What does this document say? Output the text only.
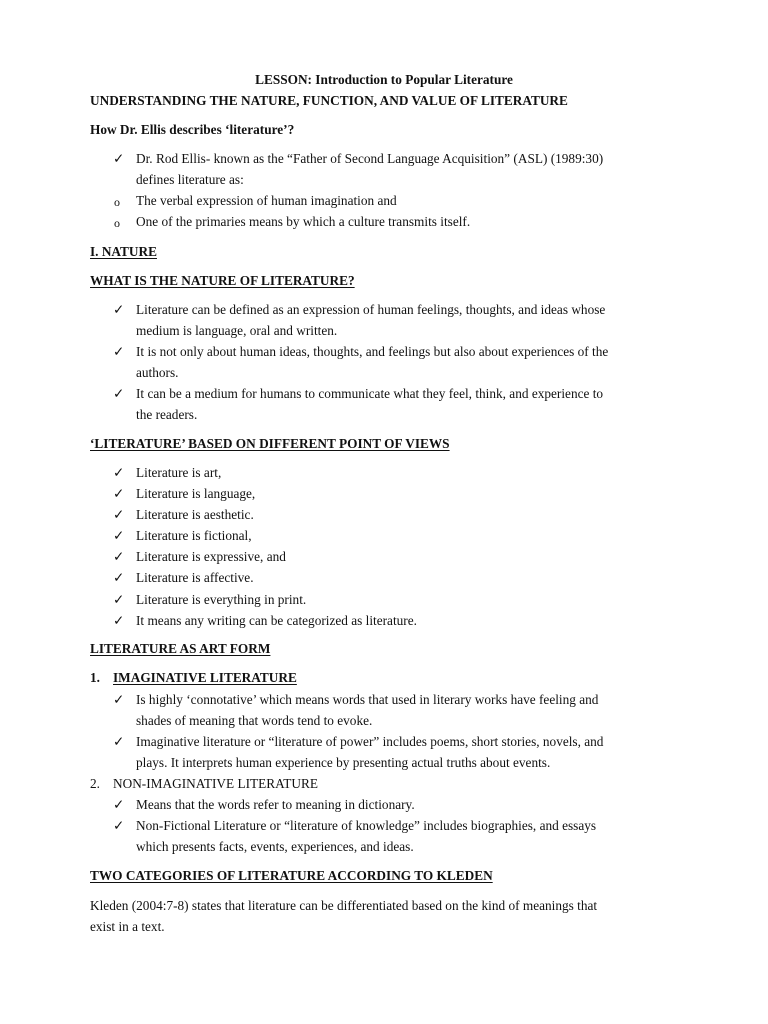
LESSON: Introduction to Popular Literature
UNDERSTANDING THE NATURE, FUNCTION, AND VALUE OF LITERATURE
How Dr. Ellis describes ‘literature’?
✓ Dr. Rod Ellis- known as the “Father of Second Language Acquisition” (ASL) (1989:30)
defines literature as:
o The verbal expression of human imagination and
o One of the primaries means by which a culture transmits itself.
I. NATURE
WHAT IS THE NATURE OF LITERATURE?
✓ Literature can be defined as an expression of human feelings, thoughts, and ideas whose
medium is language, oral and written.
✓ It is not only about human ideas, thoughts, and feelings but also about experiences of the
authors.
✓ It can be a medium for humans to communicate what they feel, think, and experience to
the readers.
‘LITERATURE’ BASED ON DIFFERENT POINT OF VIEWS
✓ Literature is art,
✓ Literature is language,
✓ Literature is aesthetic.
✓ Literature is fictional,
✓ Literature is expressive, and
✓ Literature is affective.
✓ Literature is everything in print.
✓ It means any writing can be categorized as literature.
LITERATURE AS ART FORM
1. IMAGINATIVE LITERATURE
✓ Is highly ‘connotative’ which means words that used in literary works have feeling and
shades of meaning that words tend to evoke.
✓ Imaginative literature or “literature of power” includes poems, short stories, novels, and
plays. It interprets human experience by presenting actual truths about events.
2. NON-IMAGINATIVE LITERATURE
✓ Means that the words refer to meaning in dictionary.
✓ Non-Fictional Literature or “literature of knowledge” includes biographies, and essays
which presents facts, events, experiences, and ideas.
TWO CATEGORIES OF LITERATURE ACCORDING TO KLEDEN
Kleden (2004:7-8) states that literature can be differentiated based on the kind of meanings that
exist in a text.
